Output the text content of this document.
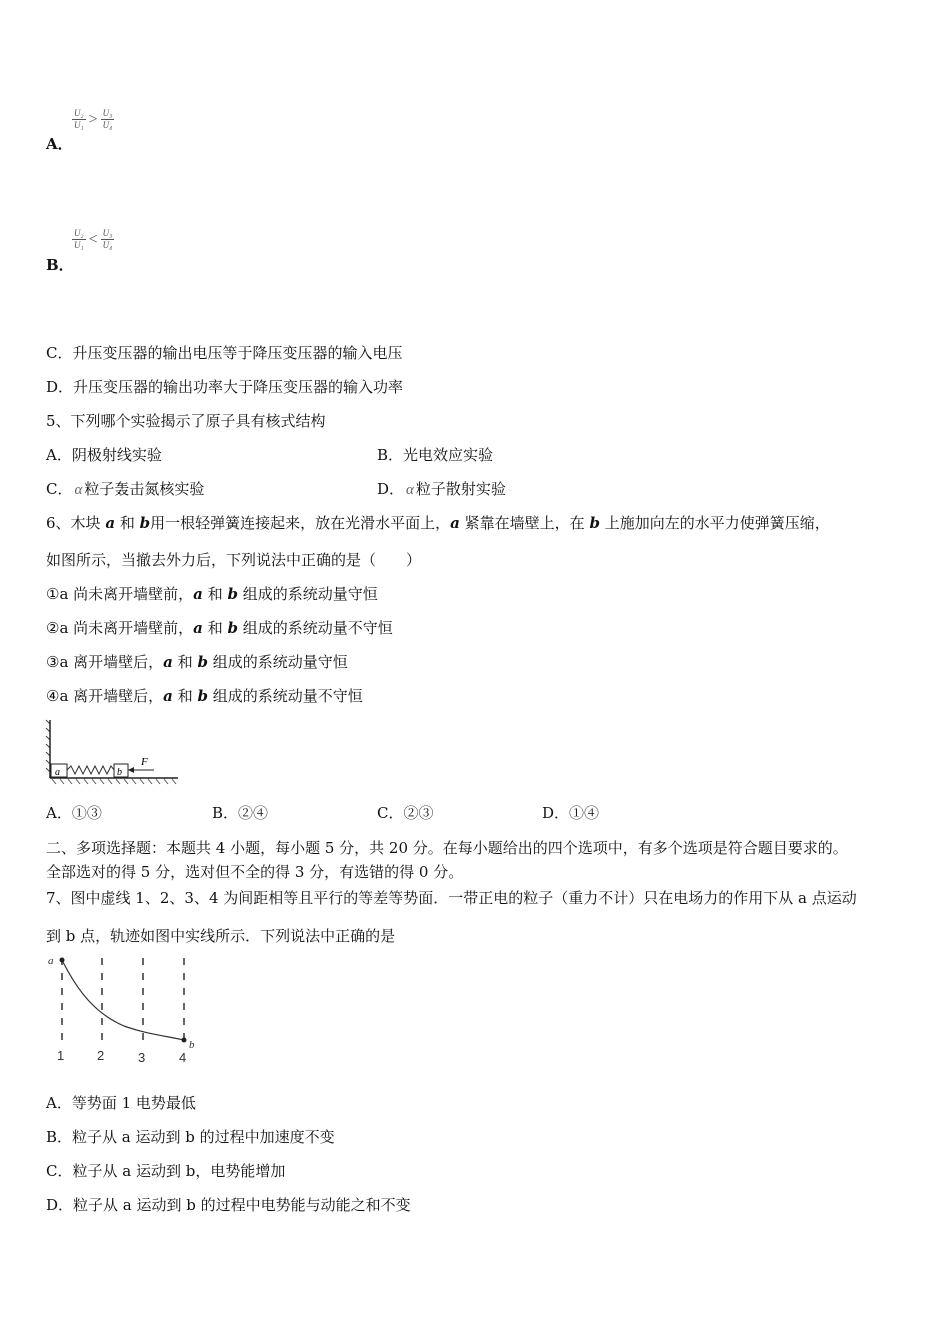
A．
$\frac{\text{U₂}}{\text{U₁}} > \frac{\text{U₃}}{\text{U₄}}$
B．
$\frac{\text{U₂}}{\text{U₁}} < \frac{\text{U₃}}{\text{U₄}}$
C．升压变压器的输出电压等于降压变压器的输入电压
D．升压变压器的输出功率大于降压变压器的输入功率
5、下列哪个实验揭示了原子具有核式结构
A．阴极射线实验	B．光电效应实验
C． α 粒子轰击氮核实验	D． α 粒子散射实验
6、木块 a 和 b用一根轻弹簧连接起来，放在光滑水平面上，a 紧靠在墙壁上，在 b 上施加向左的水平力使弹簧压缩，
如图所示，当撤去外力后，下列说法中正确的是（　　）
①a 尚未离开墙壁前，a 和 b 组成的系统动量守恒
②a 尚未离开墙壁前，a 和 b 组成的系统动量不守恒
③a 离开墙壁后，a 和 b 组成的系统动量守恒
④a 离开墙壁后，a 和 b 组成的系统动量不守恒
a	b
F
A．①③	B．②④	C．②③	D．①④
二、多项选择题：本题共 4 小题，每小题 5 分，共 20 分。在每小题给出的四个选项中，有多个选项是符合题目要求的。
全部选对的得 5 分，选对但不全的得 3 分，有选错的得 0 分。
7、图中虚线 1、2、3、4 为间距相等且平行的等差等势面．一带正电的粒子（重力不计）只在电场力的作用下从 a 点运动
到 b 点，轨迹如图中实线所示．下列说法中正确的是
a
b
1	2	3	4
A．等势面 1 电势最低
B．粒子从 a 运动到 b 的过程中加速度不变
C．粒子从 a 运动到 b，电势能增加
D．粒子从 a 运动到 b 的过程中电势能与动能之和不变
